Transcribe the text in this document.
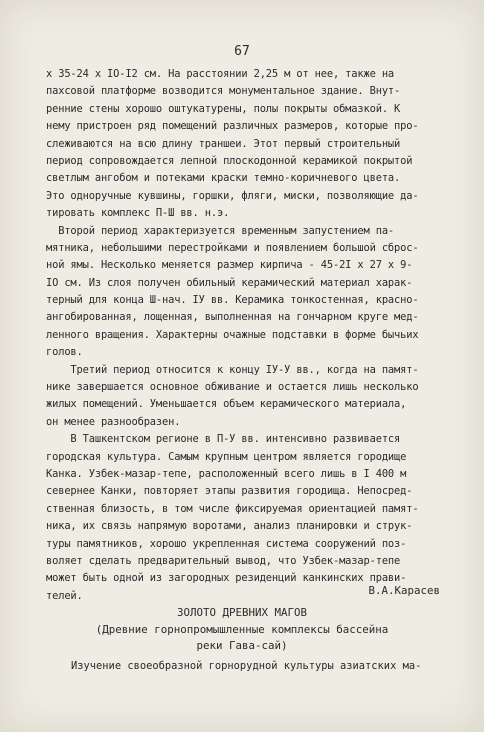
67
х 35-24 х IO-I2 см. На расстоянии 2,25 м от нее, также на
пахсовой платформе возводится монументальное здание. Внут-
ренние стены хорошо оштукатурены, полы покрыты обмазкой. К
нему пристроен ряд помещений различных размеров, которые про-
слеживаются на всю длину траншеи. Этот первый строительный
период сопровождается лепной плоскодонной керамикой покрытой
светлым ангобом и потеками краски темно-коричневого цвета.
Это одноручные кувшины, горшки, фляги, миски, позволяющие да-
тировать комплекс П-Ш вв. н.э.
Второй период характеризуется временным запустением па-
мятника, небольшими перестройками и появлением большой сброс-
ной ямы. Несколько меняется размер кирпича - 45-2I х 27 х 9-
IO см. Из слоя получен обильный керамический материал харак-
терный для конца Ш-нач. IУ вв. Керамика тонкостенная, красно-
ангобированная, лощенная, выполненная на гончарном круге мед-
ленного вращения. Характерны очажные подставки в форме бычьих
голов.
Третий период относится к концу IУ-У вв., когда на памят-
нике завершается основное обживание и остается лишь несколько
жилых помещений. Уменьшается объем керамического материала,
он менее разнообразен.
В Ташкентском регионе в П-У вв. интенсивно развивается
городская культура. Самым крупным центром является городище
Канка. Узбек-мазар-тепе, расположенный всего лишь в I 400 м
севернее Канки, повторяет этапы развития городища. Непосред-
ственная близость, в том числе фиксируемая ориентацией памят-
ника, их связь напрямую воротами, анализ планировки и струк-
туры памятников, хорошо укрепленная система сооружений поз-
воляет сделать предварительный вывод, что Узбек-мазар-тепе
может быть одной из загородных резиденций канкинских прави-
телей.	В.А.Карасев
ЗОЛОТО ДРЕВНИХ МАГОВ
(Древние горнопромышленные комплексы бассейна
реки Гава-сай)
Изучение своеобразной горнорудной культуры азиатских ма-
